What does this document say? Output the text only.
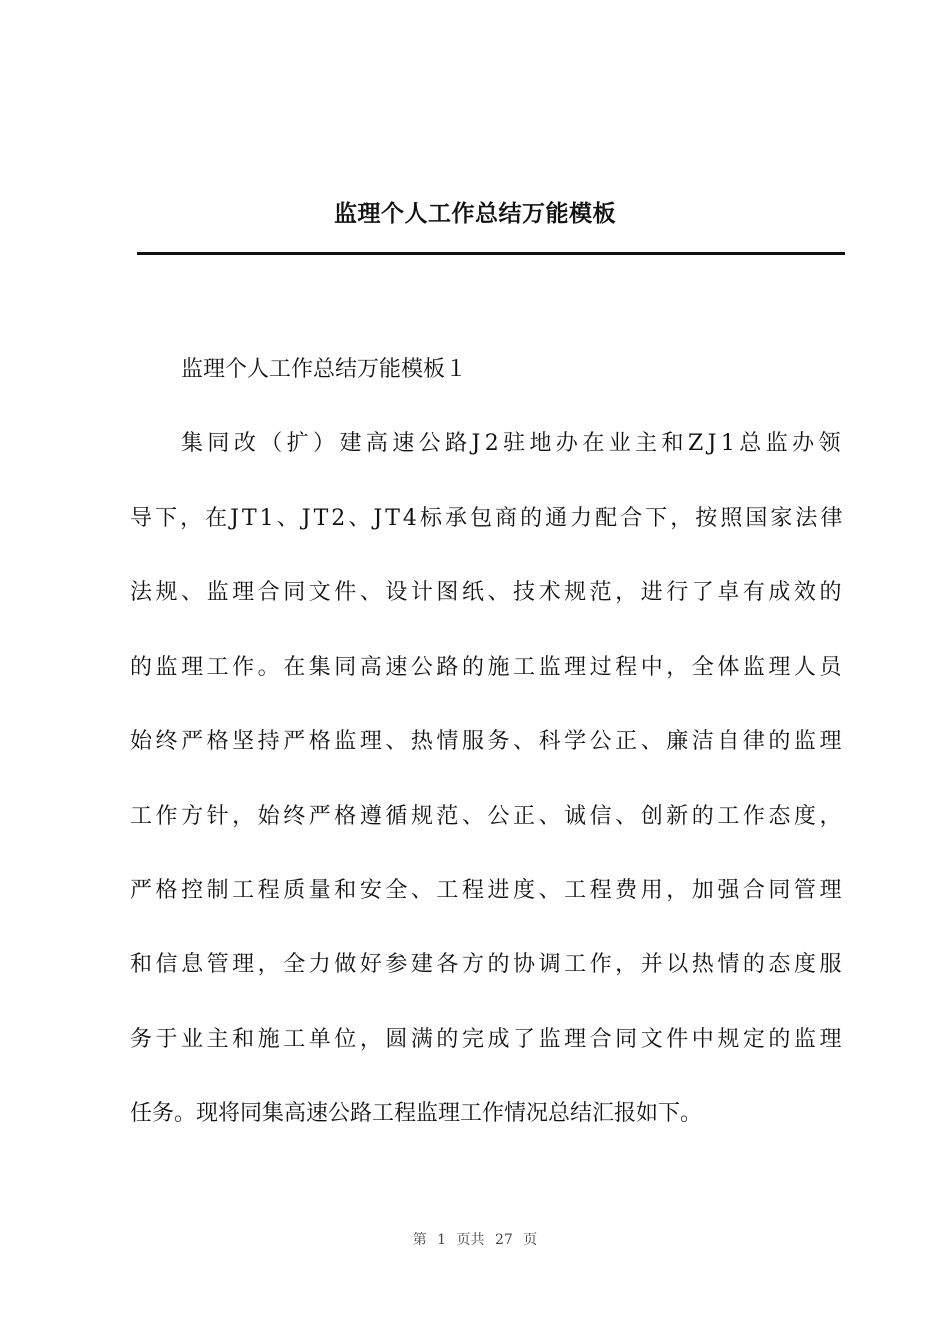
监理个人工作总结万能模板
监理个人工作总结万能模板１
集同改（扩）建高速公路J2驻地办在业主和ZJ1总监办领
导下，在JT1、JT2、JT4标承包商的通力配合下，按照国家法律
法规、监理合同文件、设计图纸、技术规范，进行了卓有成效的
的监理工作。在集同高速公路的施工监理过程中，全体监理人员
始终严格坚持严格监理、热情服务、科学公正、廉洁自律的监理
工作方针，始终严格遵循规范、公正、诚信、创新的工作态度，
严格控制工程质量和安全、工程进度、工程费用，加强合同管理
和信息管理，全力做好参建各方的协调工作，并以热情的态度服
务于业主和施工单位，圆满的完成了监理合同文件中规定的监理
任务。现将同集高速公路工程监理工作情况总结汇报如下。
第 1 页共 27 页
